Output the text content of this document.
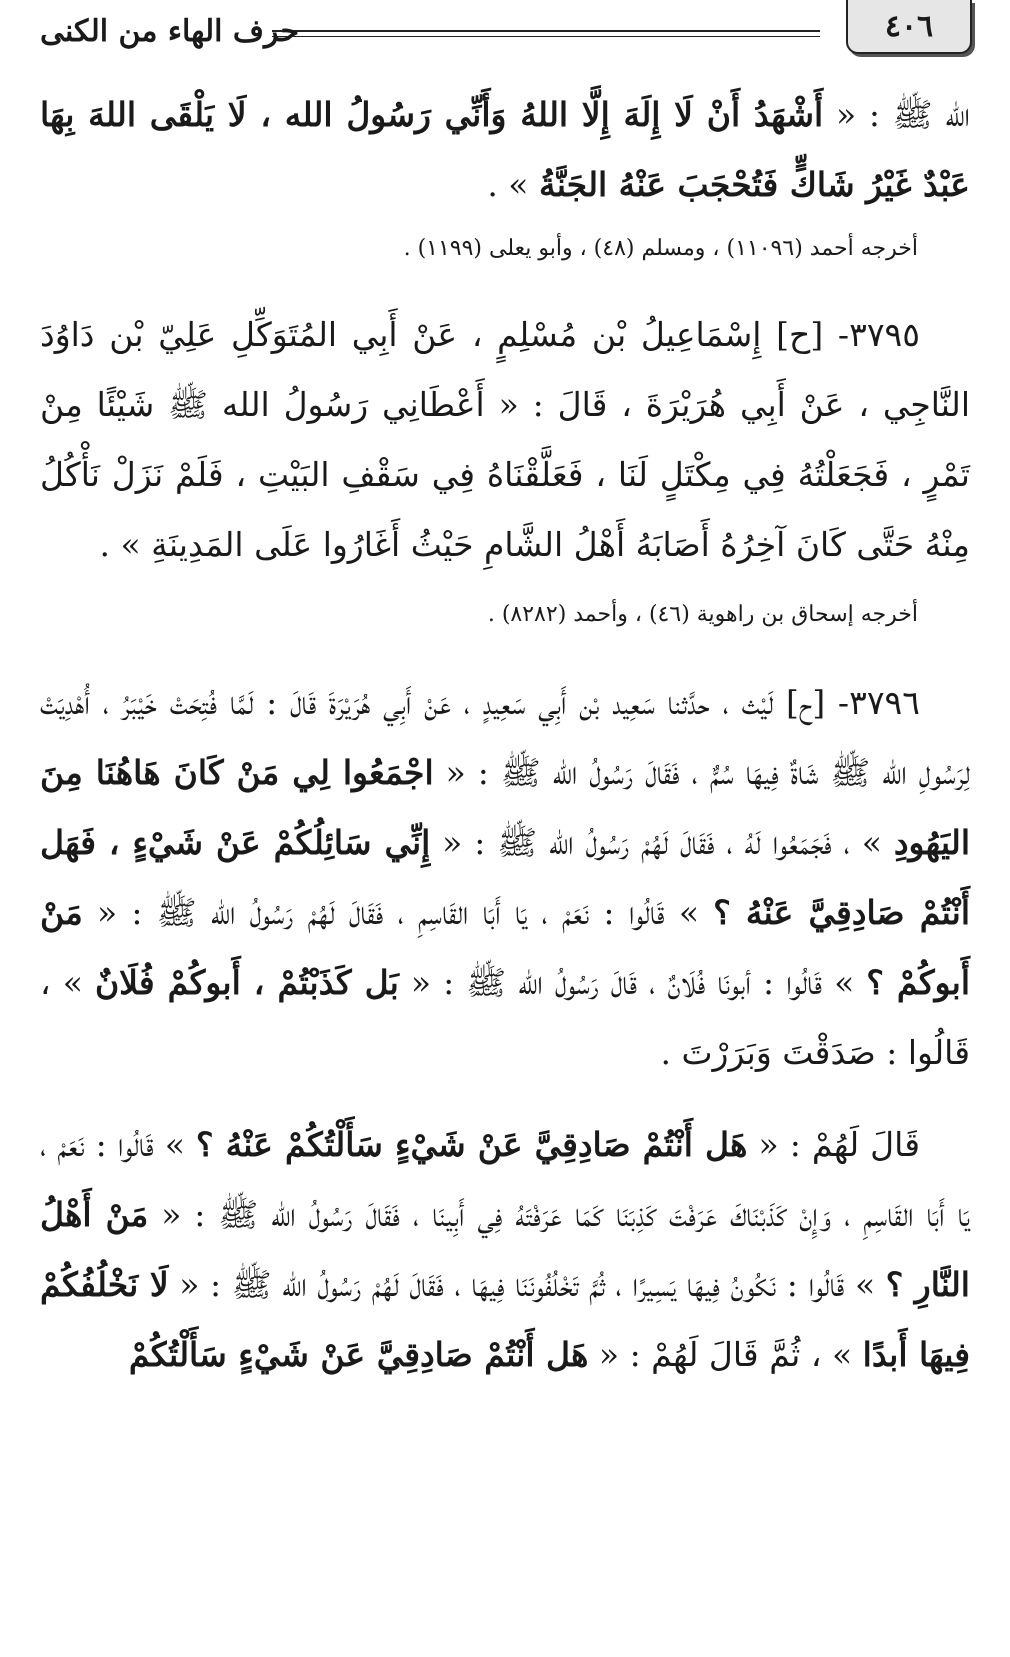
٤٠٦
حرف الهاء من الكنى
الله ﷺ : « أَشْهَدُ أَنْ لَا إِلَهَ إِلَّا اللهُ وَأَنِّي رَسُولُ الله ، لَا يَلْقَى اللهَ بِهَا عَبْدٌ غَيْرُ شَاكٍّ فَتُحْجَبَ عَنْهُ الجَنَّةُ » .
أخرجه أحمد (١١٠٩٦) ، ومسلم (٤٨) ، وأبو يعلى (١١٩٩) .
٣٧٩٥- [ح] إِسْمَاعِيلُ بْن مُسْلِمٍ ، عَنْ أَبِي المُتَوَكِّلِ عَلِيّ بْن دَاوُدَ النَّاجِي ، عَنْ أَبِي هُرَيْرَةَ ، قَالَ : « أَعْطَانِي رَسُولُ الله ﷺ شَيْئًا مِنْ تَمْرٍ ، فَجَعَلْتُهُ فِي مِكْتَلٍ لَنَا ، فَعَلَّقْنَاهُ فِي سَقْفِ البَيْتِ ، فَلَمْ نَزَلْ نَأْكُلُ مِنْهُ حَتَّى كَانَ آخِرُهُ أَصَابَهُ أَهْلُ الشَّامِ حَيْثُ أَغَارُوا عَلَى المَدِينَةِ » .
أخرجه إسحاق بن راهوية (٤٦) ، وأحمد (٨٢٨٢) .
٣٧٩٦- [ح] لَيْث ، حدَّثنا سَعِيد بْن أَبِي سَعِيدٍ ، عَنْ أَبِي هُرَيْرَةَ قَالَ : لَمَّا فُتِحَتْ خَيْبَرُ ، أُهْدِيَتْ لِرَسُولِ الله ﷺ شَاةٌ فِيهَا سُمٌّ ، فَقَالَ رَسُولُ الله ﷺ : « اجْمَعُوا لِي مَنْ كَانَ هَاهُنَا مِنَ اليَهُودِ » ، فَجَمَعُوا لَهُ ، فَقَالَ لَهُمْ رَسُولُ الله ﷺ : « إِنِّي سَائِلُكُمْ عَنْ شَيْءٍ ، فَهَل أَنْتُمْ صَادِقِيَّ عَنْهُ ؟ » قَالُوا : نَعَمْ ، يَا أَبَا القَاسِمِ ، فَقَالَ لَهُمْ رَسُولُ الله ﷺ : « مَنْ أَبوكُمْ ؟ » قَالُوا : أبونَا فُلَانٌ ، قَالَ رَسُولُ الله ﷺ : « بَل كَذَبْتُمْ ، أَبوكُمْ فُلَانٌ » ، قَالُوا : صَدَقْتَ وَبَرَرْتَ .
قَالَ لَهُمْ : « هَل أَنْتُمْ صَادِقِيَّ عَنْ شَيْءٍ سَأَلْتُكُمْ عَنْهُ ؟ » قَالُوا : نَعَمْ ، يَا أَبَا القَاسِمِ ، وَإِنْ كَذَبْنَاكَ عَرَفْتَ كَذِبَنَا كَمَا عَرَفْتَهُ فِي أَبِينَا ، فَقَالَ رَسُولُ الله ﷺ : « مَنْ أَهْلُ النَّارِ ؟ » قَالُوا : نَكُونُ فِيهَا يَسِيرًا ، ثُمَّ تَخْلُفُونَنَا فِيهَا ، فَقَالَ لَهُمْ رَسُولُ الله ﷺ : « لَا نَخْلُفُكُمْ فِيهَا أَبدًا » ، ثُمَّ قَالَ لَهُمْ : « هَل أَنْتُمْ صَادِقِيَّ عَنْ شَيْءٍ سَأَلْتُكُمْ
